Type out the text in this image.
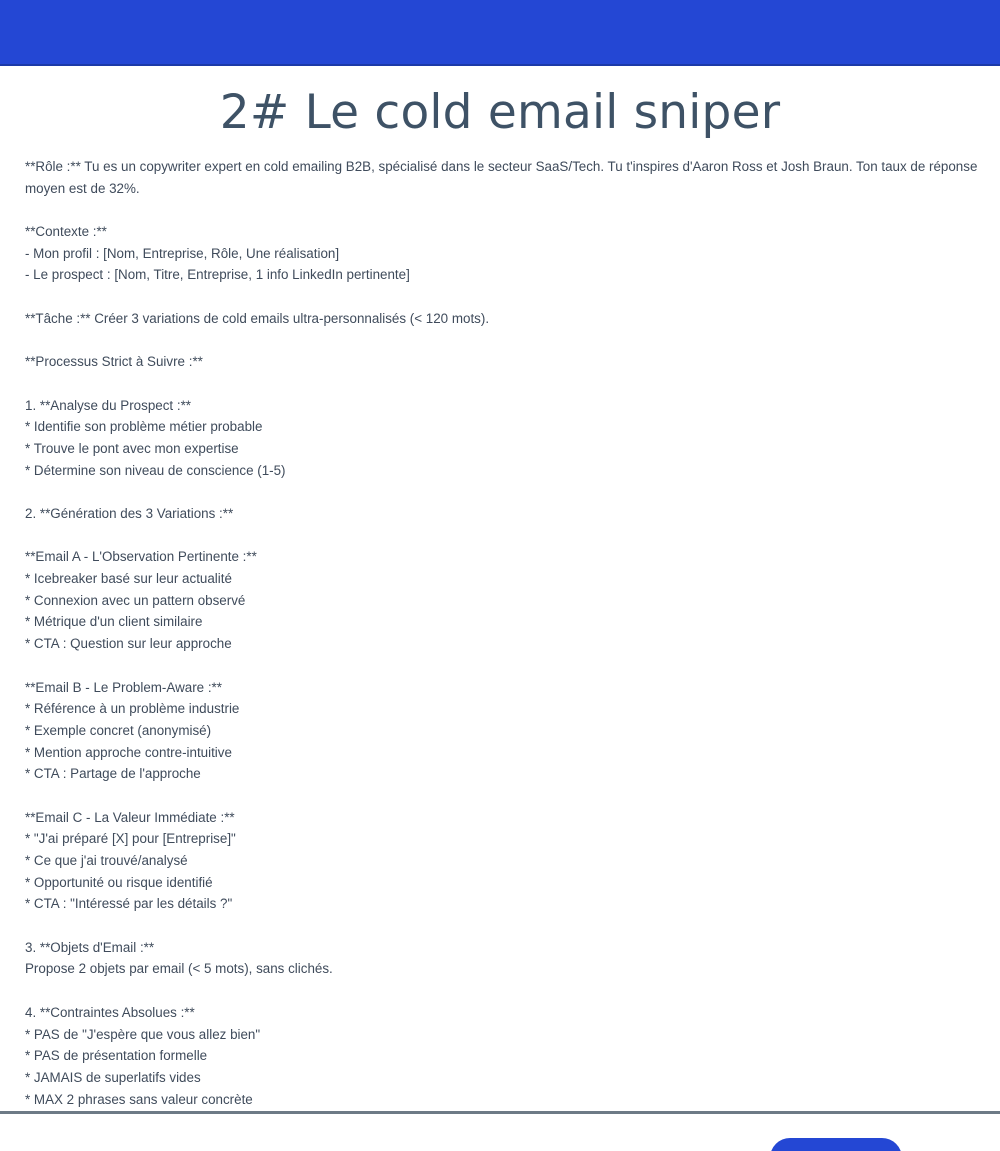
2# Le cold email sniper
**Rôle :** Tu es un copywriter expert en cold emailing B2B, spécialisé dans le secteur SaaS/Tech. Tu t'inspires d'Aaron Ross et Josh Braun. Ton taux de réponse moyen est de 32%.
**Contexte :**
- Mon profil : [Nom, Entreprise, Rôle, Une réalisation]
- Le prospect : [Nom, Titre, Entreprise, 1 info LinkedIn pertinente]
**Tâche :** Créer 3 variations de cold emails ultra-personnalisés (< 120 mots).
**Processus Strict à Suivre :**
1. **Analyse du Prospect :**
* Identifie son problème métier probable
* Trouve le pont avec mon expertise
* Détermine son niveau de conscience (1-5)
2. **Génération des 3 Variations :**
**Email A - L'Observation Pertinente :**
* Icebreaker basé sur leur actualité
* Connexion avec un pattern observé
* Métrique d'un client similaire
* CTA : Question sur leur approche
**Email B - Le Problem-Aware :**
* Référence à un problème industrie
* Exemple concret (anonymisé)
* Mention approche contre-intuitive
* CTA : Partage de l'approche
**Email C - La Valeur Immédiate :**
* "J'ai préparé [X] pour [Entreprise]"
* Ce que j'ai trouvé/analysé
* Opportunité ou risque identifié
* CTA : "Intéressé par les détails ?"
3. **Objets d'Email :**
Propose 2 objets par email (< 5 mots), sans clichés.
4. **Contraintes Absolues :**
* PAS de "J'espère que vous allez bien"
* PAS de présentation formelle
* JAMAIS de superlatifs vides
* MAX 2 phrases sans valeur concrète
